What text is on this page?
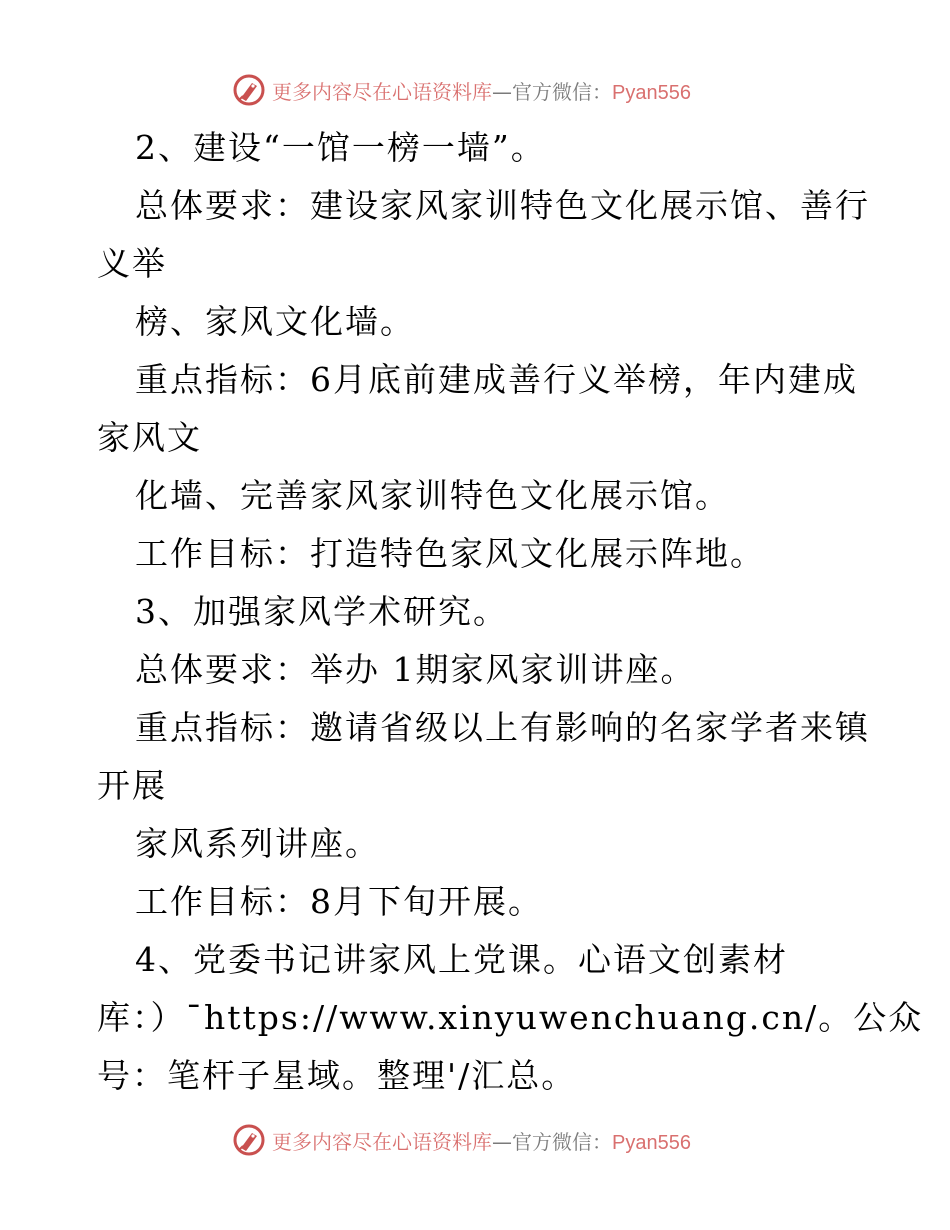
更多内容尽在心语资料库—官方微信：Pyan556
2、建设“一馆一榜一墙”。
总体要求：建设家风家训特色文化展示馆、善行
义举
榜、家风文化墙。
重点指标：6月底前建成善行义举榜，年内建成
家风文
化墙、完善家风家训特色文化展示馆。
工作目标：打造特色家风文化展示阵地。
3、加强家风学术研究。
总体要求：举办 1期家风家训讲座。
重点指标：邀请省级以上有影响的名家学者来镇
开展
家风系列讲座。
工作目标：8月下旬开展。
4、党委书记讲家风上党课。心语文创素材
库：）¯https://www.xinyuwenchuang.cn/。公众
号：笔杆子星域。整理'/汇总。
更多内容尽在心语资料库—官方微信：Pyan556
